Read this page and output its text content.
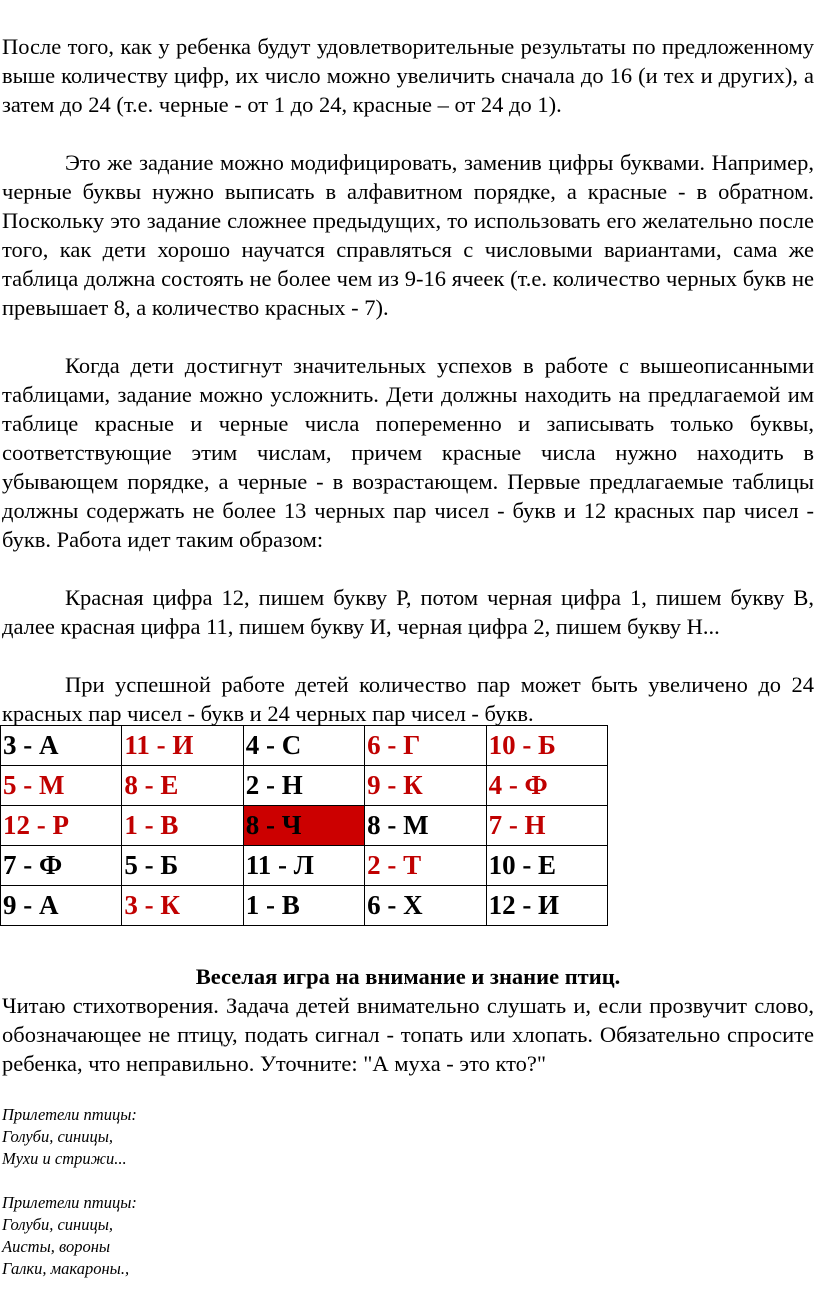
После того, как у ребенка будут удовлетворительные результаты по предложенному выше количеству цифр, их число можно увеличить сначала до 16 (и тех и других), а затем до 24 (т.е. черные - от 1 до 24, красные – от 24 до 1).

Это же задание можно модифицировать, заменив цифры буквами. Например, черные буквы нужно выписать в алфавитном порядке, а красные - в обратном. Поскольку это задание сложнее предыдущих, то использовать его желательно после того, как дети хорошо научатся справляться с числовыми вариантами, сама же таблица должна состоять не более чем из 9-16 ячеек (т.е. количество черных букв не превышает 8, а количество красных - 7).

Когда дети достигнут значительных успехов в работе с вышеописанными таблицами, задание можно усложнить. Дети должны находить на предлагаемой им таблице красные и черные числа попеременно и записывать только буквы, соответствующие этим числам, причем красные числа нужно находить в убывающем порядке, а черные - в возрастающем. Первые предлагаемые таблицы должны содержать не более 13 черных пар чисел - букв и 12 красных пар чисел - букв. Работа идет таким образом:

Красная цифра 12, пишем букву Р, потом черная цифра 1, пишем букву В, далее красная цифра 11, пишем букву И, черная цифра 2, пишем букву Н...

При успешной работе детей количество пар может быть увеличено до 24 красных пар чисел - букв и 24 черных пар чисел - букв.

3 - А	11 - И	4 - С	6 - Г	10 - Б
5 - М	8 - Е	2 - Н	9 - К	4 - Ф
12 - Р	1 - В	8 - Ч	8 - М	7 - Н
7 - Ф	5 - Б	11 - Л	2 - Т	10 - Е
9 - А	3 - К	1 - В	6 - Х	12 - И
Веселая игра на внимание и знание птиц.

Читаю стихотворения. Задача детей внимательно слушать и, если прозвучит слово, обозначающее не птицу, подать сигнал - топать или хлопать. Обязательно спросите ребенка, что неправильно. Уточните: "А муха - это кто?"

Прилетели птицы:
Голуби, синицы,
Мухи и стрижи...
Прилетели птицы:
Голуби, синицы,
Аисты, вороны
Галки, макароны.,
